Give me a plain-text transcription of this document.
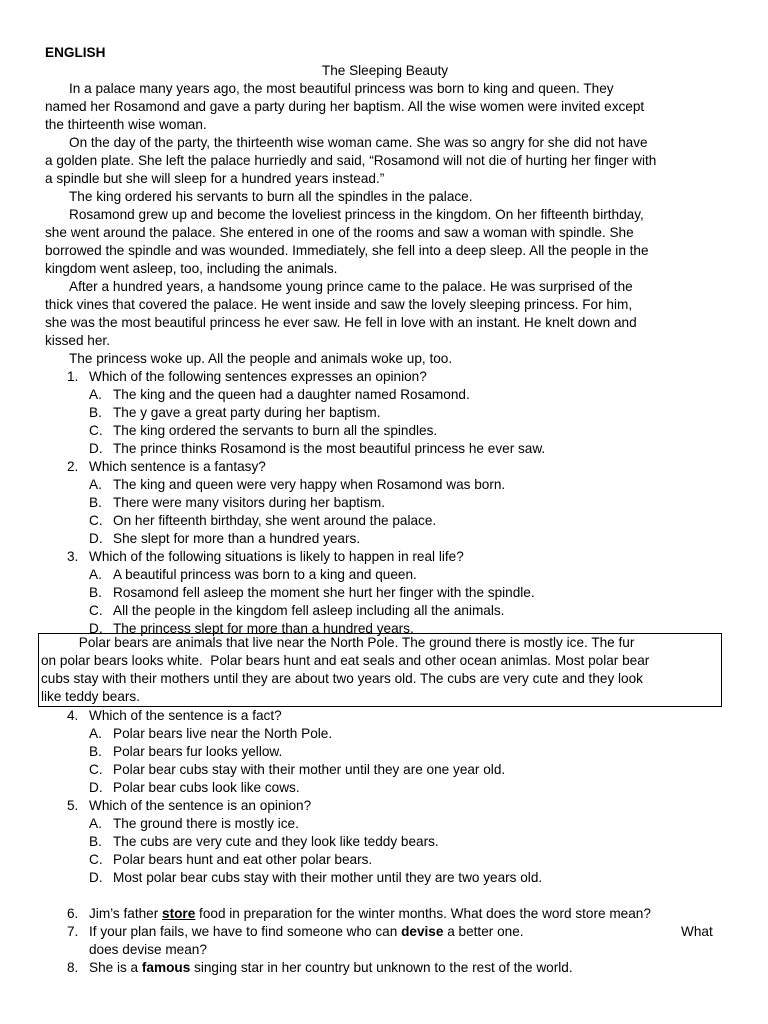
ENGLISH
The Sleeping Beauty
In a palace many years ago, the most beautiful princess was born to king and queen. They
named her Rosamond and gave a party during her baptism. All the wise women were invited except
the thirteenth wise woman.
On the day of the party, the thirteenth wise woman came. She was so angry for she did not have
a golden plate. She left the palace hurriedly and said, “Rosamond will not die of hurting her finger with
a spindle but she will sleep for a hundred years instead.”
The king ordered his servants to burn all the spindles in the palace.
Rosamond grew up and become the loveliest princess in the kingdom. On her fifteenth birthday,
she went around the palace. She entered in one of the rooms and saw a woman with spindle. She
borrowed the spindle and was wounded. Immediately, she fell into a deep sleep. All the people in the
kingdom went asleep, too, including the animals.
After a hundred years, a handsome young prince came to the palace. He was surprised of the
thick vines that covered the palace. He went inside and saw the lovely sleeping princess. For him,
she was the most beautiful princess he ever saw. He fell in love with an instant. He knelt down and
kissed her.
The princess woke up. All the people and animals woke up, too.
1. Which of the following sentences expresses an opinion?
A. The king and the queen had a daughter named Rosamond.
B. The y gave a great party during her baptism.
C. The king ordered the servants to burn all the spindles.
D. The prince thinks Rosamond is the most beautiful princess he ever saw.
2. Which sentence is a fantasy?
A. The king and queen were very happy when Rosamond was born.
B. There were many visitors during her baptism.
C. On her fifteenth birthday, she went around the palace.
D. She slept for more than a hundred years.
3. Which of the following situations is likely to happen in real life?
A. A beautiful princess was born to a king and queen.
B. Rosamond fell asleep the moment she hurt her finger with the spindle.
C. All the people in the kingdom fell asleep including all the animals.
D. The princess slept for more than a hundred years.
Polar bears are animals that live near the North Pole. The ground there is mostly ice. The fur
on polar bears looks white.  Polar bears hunt and eat seals and other ocean animlas. Most polar bear
cubs stay with their mothers until they are about two years old. The cubs are very cute and they look
like teddy bears.
4. Which of the sentence is a fact?
A. Polar bears live near the North Pole.
B. Polar bears fur looks yellow.
C. Polar bear cubs stay with their mother until they are one year old.
D. Polar bear cubs look like cows.
5. Which of the sentence is an opinion?
A. The ground there is mostly ice.
B. The cubs are very cute and they look like teddy bears.
C. Polar bears hunt and eat other polar bears.
D. Most polar bear cubs stay with their mother until they are two years old.
6. Jim’s father store food in preparation for the winter months. What does the word store mean?
7. If your plan fails, we have to find someone who can devise a better one.	What
does devise mean?
8. She is a famous singing star in her country but unknown to the rest of the world.
